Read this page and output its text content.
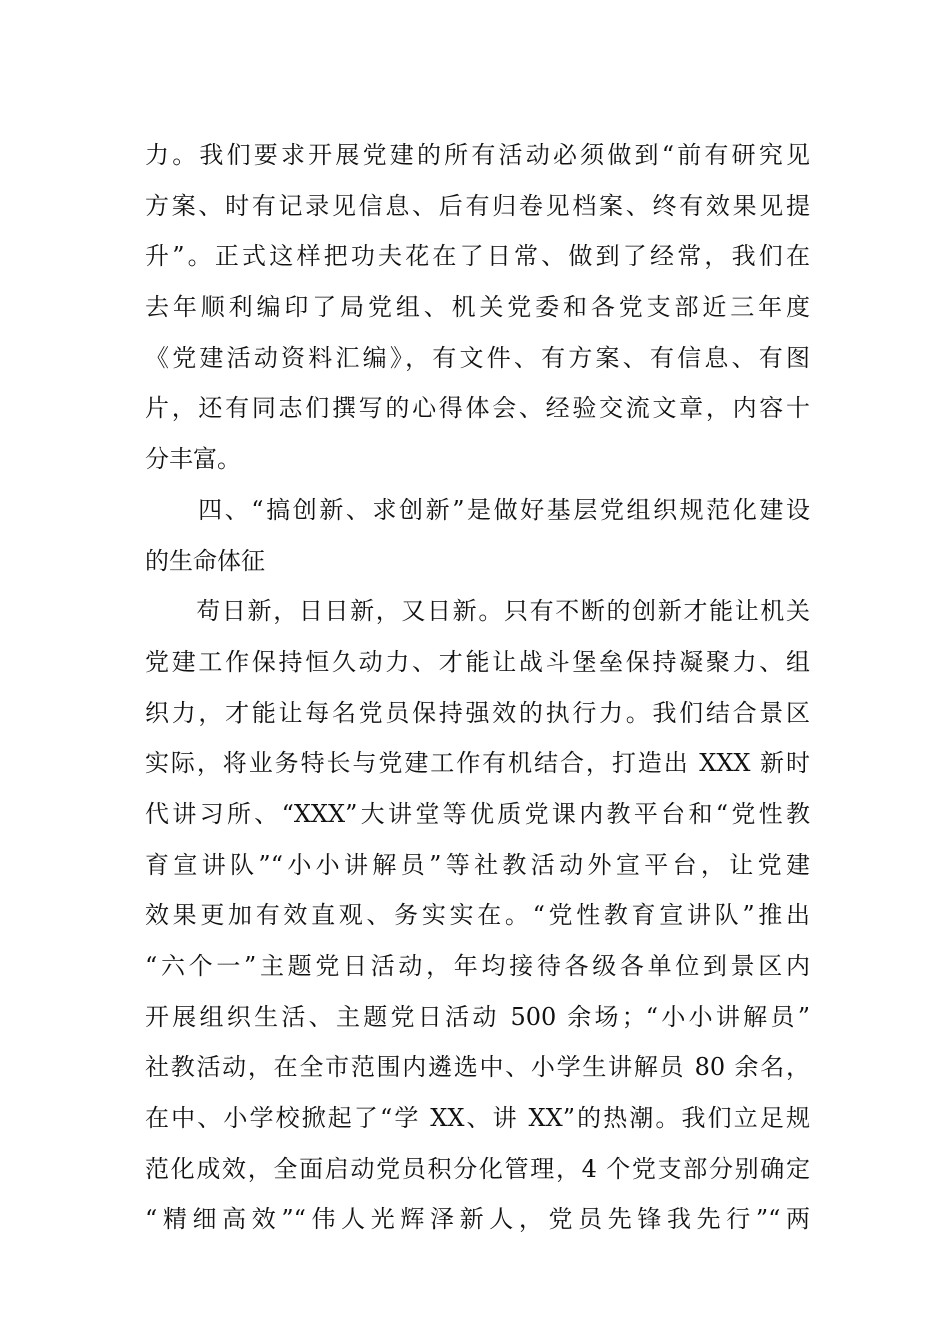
力。我们要求开展党建的所有活动必须做到“前有研究见
方案、时有记录见信息、后有归卷见档案、终有效果见提
升”。正式这样把功夫花在了日常、做到了经常，我们在
去年顺利编印了局党组、机关党委和各党支部近三年度
《党建活动资料汇编》，有文件、有方案、有信息、有图
片，还有同志们撰写的心得体会、经验交流文章，内容十
分丰富。
　　四、“搞创新、求创新”是做好基层党组织规范化建设
的生命体征
　　苟日新，日日新，又日新。只有不断的创新才能让机关
党建工作保持恒久动力、才能让战斗堡垒保持凝聚力、组
织力，才能让每名党员保持强效的执行力。我们结合景区
实际，将业务特长与党建工作有机结合，打造出 XXX 新时
代讲习所、“XXX”大讲堂等优质党课内教平台和“党性教
育宣讲队”“小小讲解员”等社教活动外宣平台，让党建
效果更加有效直观、务实实在。“党性教育宣讲队”推出
“六个一”主题党日活动，年均接待各级各单位到景区内
开展组织生活、主题党日活动 500 余场；“小小讲解员”
社教活动，在全市范围内遴选中、小学生讲解员 80 余名，
在中、小学校掀起了“学 XX、讲 XX”的热潮。我们立足规
范化成效，全面启动党员积分化管理，4 个党支部分别确定
“精细高效”“伟人光辉泽新人，党员先锋我先行”“两
